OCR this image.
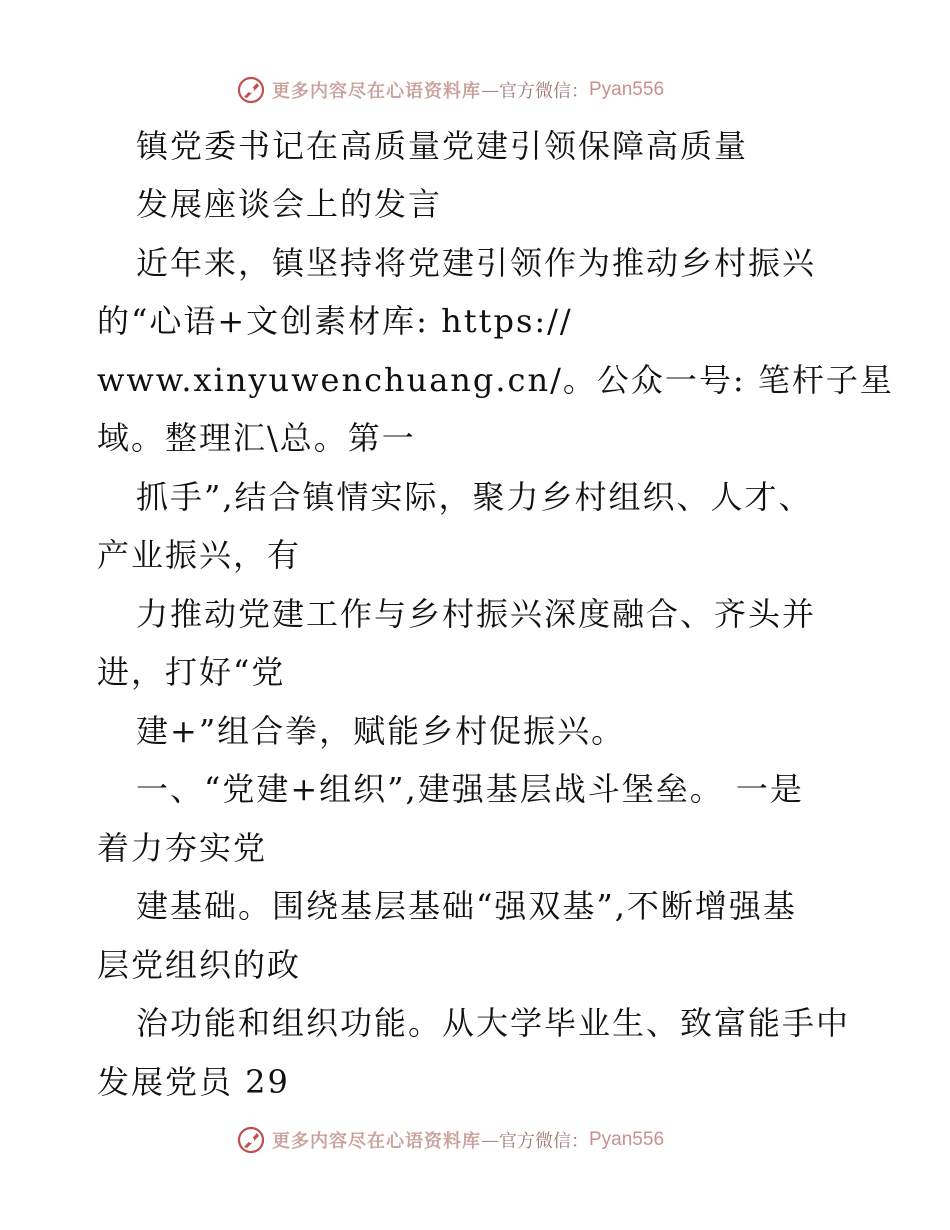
更多内容尽在心语资料库 — 官方微信： Pyan556
镇党委书记在高质量党建引领保障高质量
发展座谈会上的发言
近年来，镇坚持将党建引领作为推动乡村振兴
的“心语+文创素材库: https://
www.xinyuwenchuang.cn/。公众一号: 笔杆子星
域。整理汇\总。第一
抓手”,结合镇情实际，聚力乡村组织、人才、
产业振兴，有
力推动党建工作与乡村振兴深度融合、齐头并
进，打好“党
建+”组合拳，赋能乡村促振兴。
一、“党建+组织”,建强基层战斗堡垒。 一是
着力夯实党
建基础。围绕基层基础“强双基”,不断增强基
层党组织的政
治功能和组织功能。从大学毕业生、致富能手中
发展党员 29
更多内容尽在心语资料库 — 官方微信： Pyan556
